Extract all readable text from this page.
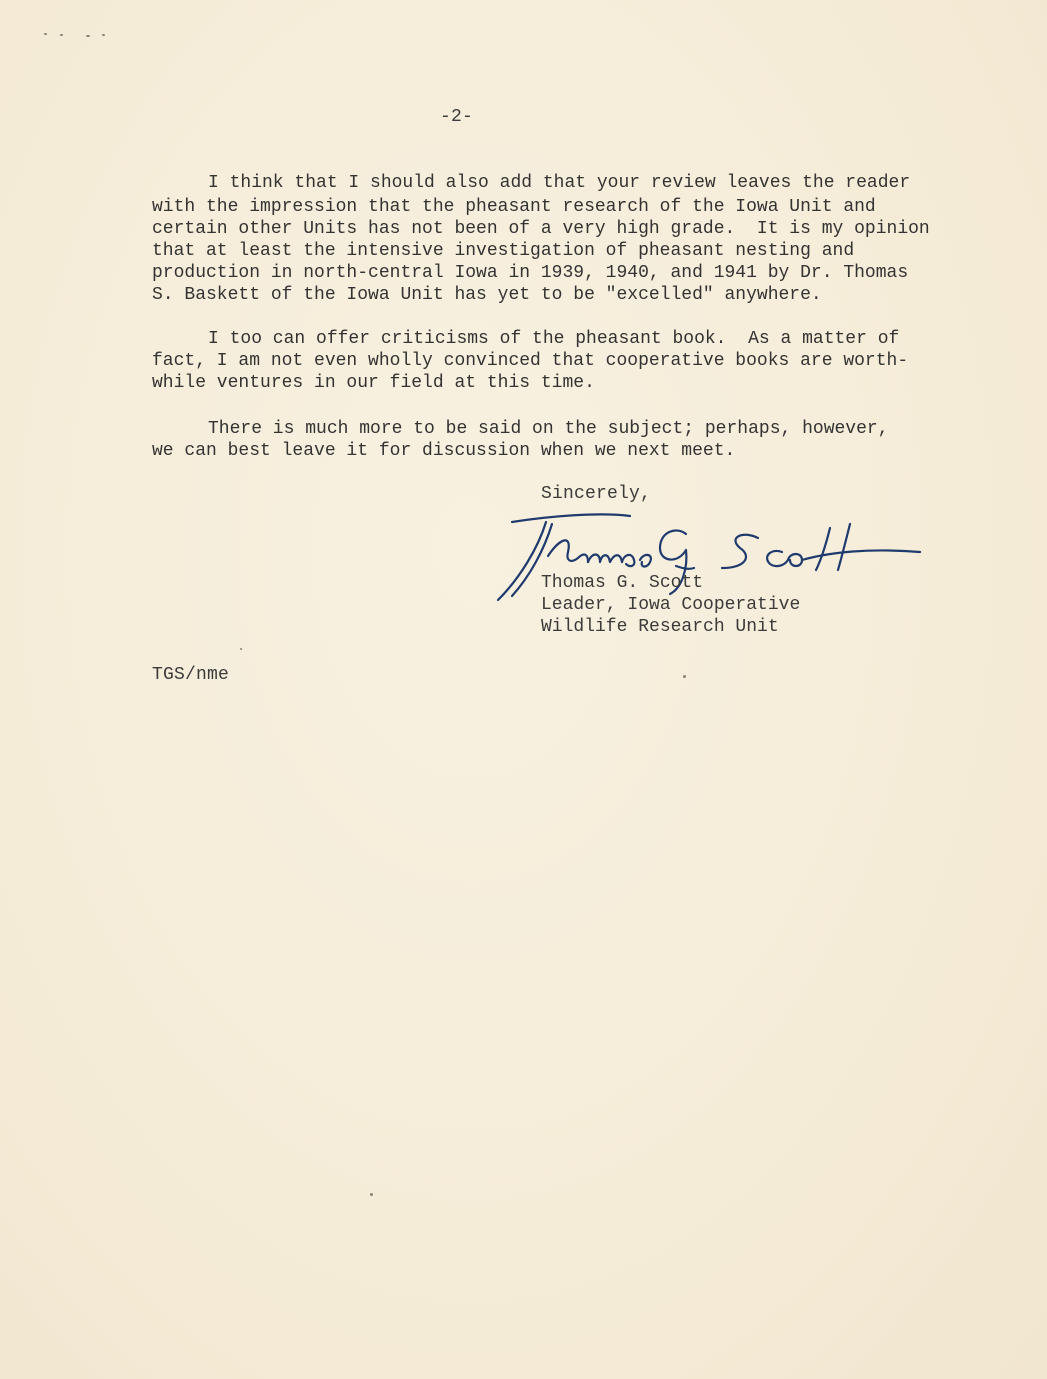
-2-
I think that I should also add that your review leaves the reader
with the impression that the pheasant research of the Iowa Unit and
certain other Units has not been of a very high grade.  It is my opinion
that at least the intensive investigation of pheasant nesting and
production in north-central Iowa in 1939, 1940, and 1941 by Dr. Thomas
S. Baskett of the Iowa Unit has yet to be "excelled" anywhere.
I too can offer criticisms of the pheasant book.  As a matter of
fact, I am not even wholly convinced that cooperative books are worth-
while ventures in our field at this time.
There is much more to be said on the subject; perhaps, however,
we can best leave it for discussion when we next meet.
Sincerely,
Thomas G. Scott
Leader, Iowa Cooperative
Wildlife Research Unit
TGS/nme
